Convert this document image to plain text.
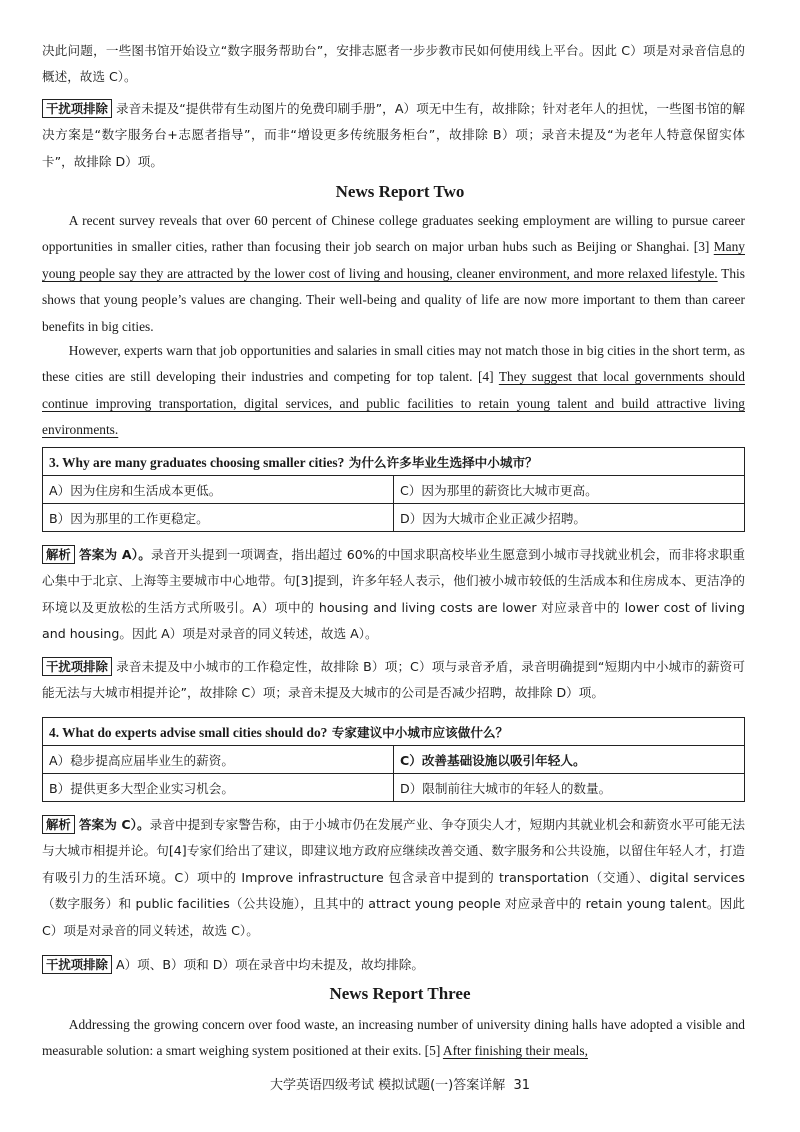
决此问题，一些图书馆开始设立“数字服务帮助台”，安排志愿者一步步教市民如何使用线上平台。因此 C）项是对录音信息的概述，故选 C）。

干扰项排除 录音未提及“提供带有生动图片的免费印刷手册”，A）项无中生有，故排除；针对老年人的担忧，一些图书馆的解决方案是“数字服务台+志愿者指导”，而非“增设更多传统服务柜台”，故排除 B）项；录音未提及“为老年人特意保留实体卡”，故排除 D）项。

News Report Two

A recent survey reveals that over 60 percent of Chinese college graduates seeking employment are willing to pursue career opportunities in smaller cities, rather than focusing their job search on major urban hubs such as Beijing or Shanghai. [3] Many young people say they are attracted by the lower cost of living and housing, cleaner environment, and more relaxed lifestyle. This shows that young people’s values are changing. Their well-being and quality of life are now more important to them than career benefits in big cities.

However, experts warn that job opportunities and salaries in small cities may not match those in big cities in the short term, as these cities are still developing their industries and competing for top talent. [4] They suggest that local governments should continue improving transportation, digital services, and public facilities to retain young talent and build attractive living environments.

3. Why are many graduates choosing smaller cities? 为什么许多毕业生选择中小城市？	
A）因为住房和生活成本更低。	C）因为那里的薪资比大城市更高。
B）因为那里的工作更稳定。	D）因为大城市企业正减少招聘。

解析 答案为 A）。录音开头提到一项调查，指出超过 60%的中国求职高校毕业生愿意到小城市寻找就业机会，而非将求职重心集中于北京、上海等主要城市中心地带。句[3]提到，许多年轻人表示，他们被小城市较低的生活成本和住房成本、更洁净的环境以及更放松的生活方式所吸引。A）项中的 housing and living costs are lower 对应录音中的 lower cost of living and housing。因此 A）项是对录音的同义转述，故选 A）。

干扰项排除 录音未提及中小城市的工作稳定性，故排除 B）项；C）项与录音矛盾，录音明确提到“短期内中小城市的薪资可能无法与大城市相提并论”，故排除 C）项；录音未提及大城市的公司是否减少招聘，故排除 D）项。

4. What do experts advise small cities should do? 专家建议中小城市应该做什么？	
A）稳步提高应届毕业生的薪资。	C）改善基础设施以吸引年轻人。
B）提供更多大型企业实习机会。	D）限制前往大城市的年轻人的数量。

解析 答案为 C）。录音中提到专家警告称，由于小城市仍在发展产业、争夺顶尖人才，短期内其就业机会和薪资水平可能无法与大城市相提并论。句[4]专家们给出了建议，即建议地方政府应继续改善交通、数字服务和公共设施，以留住年轻人才，打造有吸引力的生活环境。C）项中的 Improve infrastructure 包含录音中提到的 transportation（交通）、digital services（数字服务）和 public facilities（公共设施），且其中的 attract young people 对应录音中的 retain young talent。因此 C）项是对录音的同义转述，故选 C）。

干扰项排除 A）项、B）项和 D）项在录音中均未提及，故均排除。

News Report Three

Addressing the growing concern over food waste, an increasing number of university dining halls have adopted a visible and measurable solution: a smart weighing system positioned at their exits. [5] After finishing their meals,

大学英语四级考试 模拟试题(一)答案详解 31
